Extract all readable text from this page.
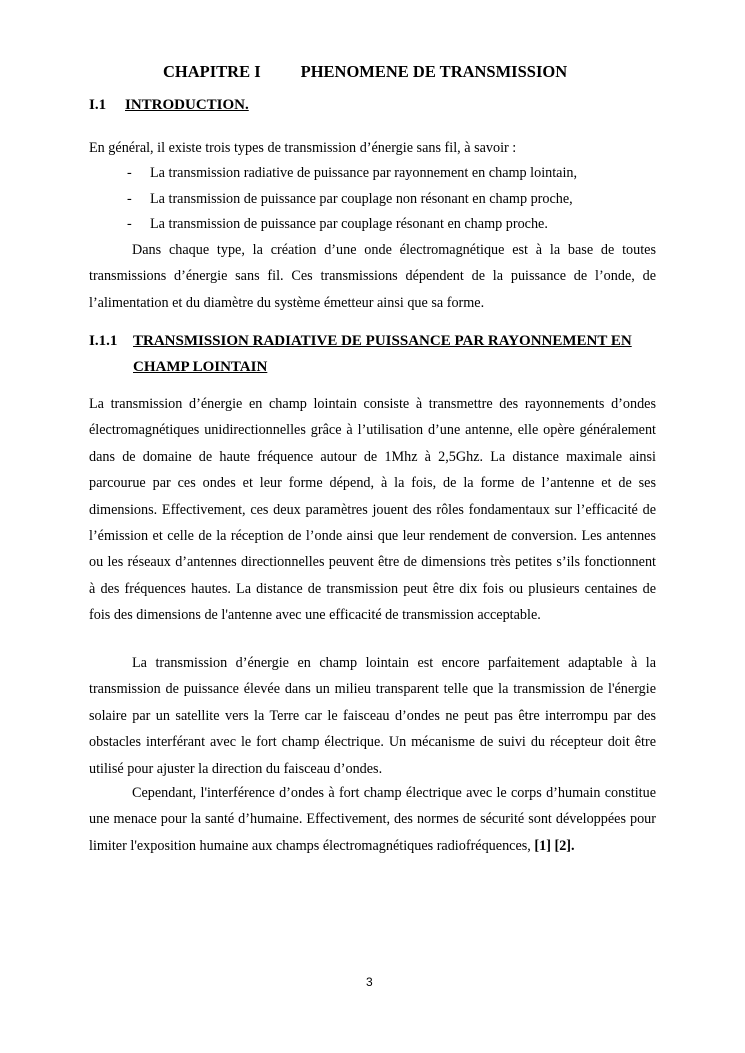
CHAPITRE I PHENOMENE DE TRANSMISSION
I.1 INTRODUCTION.
En général, il existe trois types de transmission d’énergie sans fil, à savoir :
- La transmission radiative de puissance par rayonnement en champ lointain,
- La transmission de puissance par couplage non résonant en champ proche,
- La transmission de puissance par couplage résonant en champ proche.
Dans chaque type, la création d’une onde électromagnétique est à la base de toutes transmissions d’énergie sans fil. Ces transmissions dépendent de la puissance de l’onde, de l’alimentation et du diamètre du système émetteur ainsi que sa forme.
I.1.1 TRANSMISSION RADIATIVE DE PUISSANCE PAR RAYONNEMENT EN
CHAMP LOINTAIN
La transmission d’énergie en champ lointain consiste à transmettre des rayonnements d’ondes électromagnétiques unidirectionnelles grâce à l’utilisation d’une antenne, elle opère généralement dans de domaine de haute fréquence autour de 1Mhz à 2,5Ghz. La distance maximale ainsi parcourue par ces ondes et leur forme dépend, à la fois, de la forme de l’antenne et de ses dimensions. Effectivement, ces deux paramètres jouent des rôles fondamentaux sur l’efficacité de l’émission et celle de la réception de l’onde ainsi que leur rendement de conversion. Les antennes ou les réseaux d’antennes directionnelles peuvent être de dimensions très petites s’ils fonctionnent à des fréquences hautes. La distance de transmission peut être dix fois ou plusieurs centaines de fois des dimensions de l'antenne avec une efficacité de transmission acceptable.
La transmission d’énergie en champ lointain est encore parfaitement adaptable à la transmission de puissance élevée dans un milieu transparent telle que la transmission de l'énergie solaire par un satellite vers la Terre car le faisceau d’ondes ne peut pas être interrompu par des obstacles interférant avec le fort champ électrique. Un mécanisme de suivi du récepteur doit être utilisé pour ajuster la direction du faisceau d’ondes.
Cependant, l'interférence d’ondes à fort champ électrique avec le corps d’humain constitue une menace pour la santé d’humaine. Effectivement, des normes de sécurité sont développées pour limiter l'exposition humaine aux champs électromagnétiques radiofréquences, [1] [2].
3
